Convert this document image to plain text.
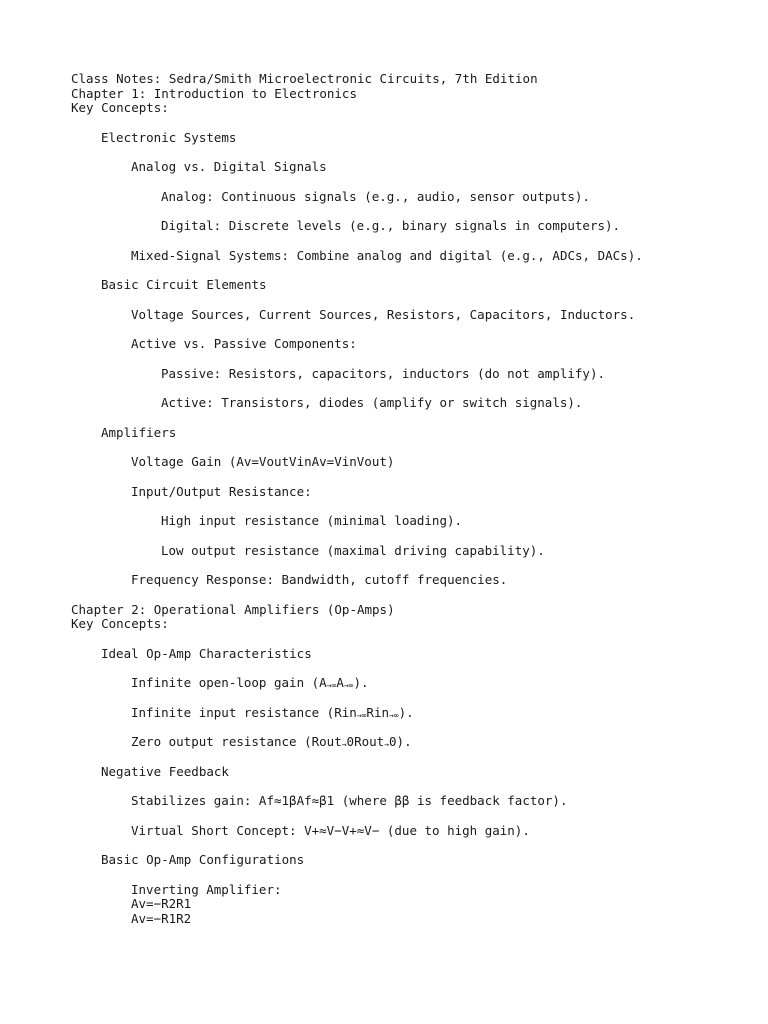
Class Notes: Sedra/Smith Microelectronic Circuits, 7th Edition
Chapter 1: Introduction to Electronics
Key Concepts:
Electronic Systems
Analog vs. Digital Signals
Analog: Continuous signals (e.g., audio, sensor outputs).
Digital: Discrete levels (e.g., binary signals in computers).
Mixed-Signal Systems: Combine analog and digital (e.g., ADCs, DACs).
Basic Circuit Elements
Voltage Sources, Current Sources, Resistors, Capacitors, Inductors.
Active vs. Passive Components:
Passive: Resistors, capacitors, inductors (do not amplify).
Active: Transistors, diodes (amplify or switch signals).
Amplifiers
Voltage Gain (Av=VoutVinAv=VinVout)
Input/Output Resistance:
High input resistance (minimal loading).
Low output resistance (maximal driving capability).
Frequency Response: Bandwidth, cutoff frequencies.
Chapter 2: Operational Amplifiers (Op-Amps)
Key Concepts:
Ideal Op-Amp Characteristics
Infinite open-loop gain (A→∞A→∞).
Infinite input resistance (Rin→∞Rin→∞).
Zero output resistance (Rout→0Rout→0).
Negative Feedback
Stabilizes gain: Af≈1βAf≈β1 (where ββ is feedback factor).
Virtual Short Concept: V+≈V−V+≈V− (due to high gain).
Basic Op-Amp Configurations
Inverting Amplifier:
Av=−R2R1
Av=−R1R2
